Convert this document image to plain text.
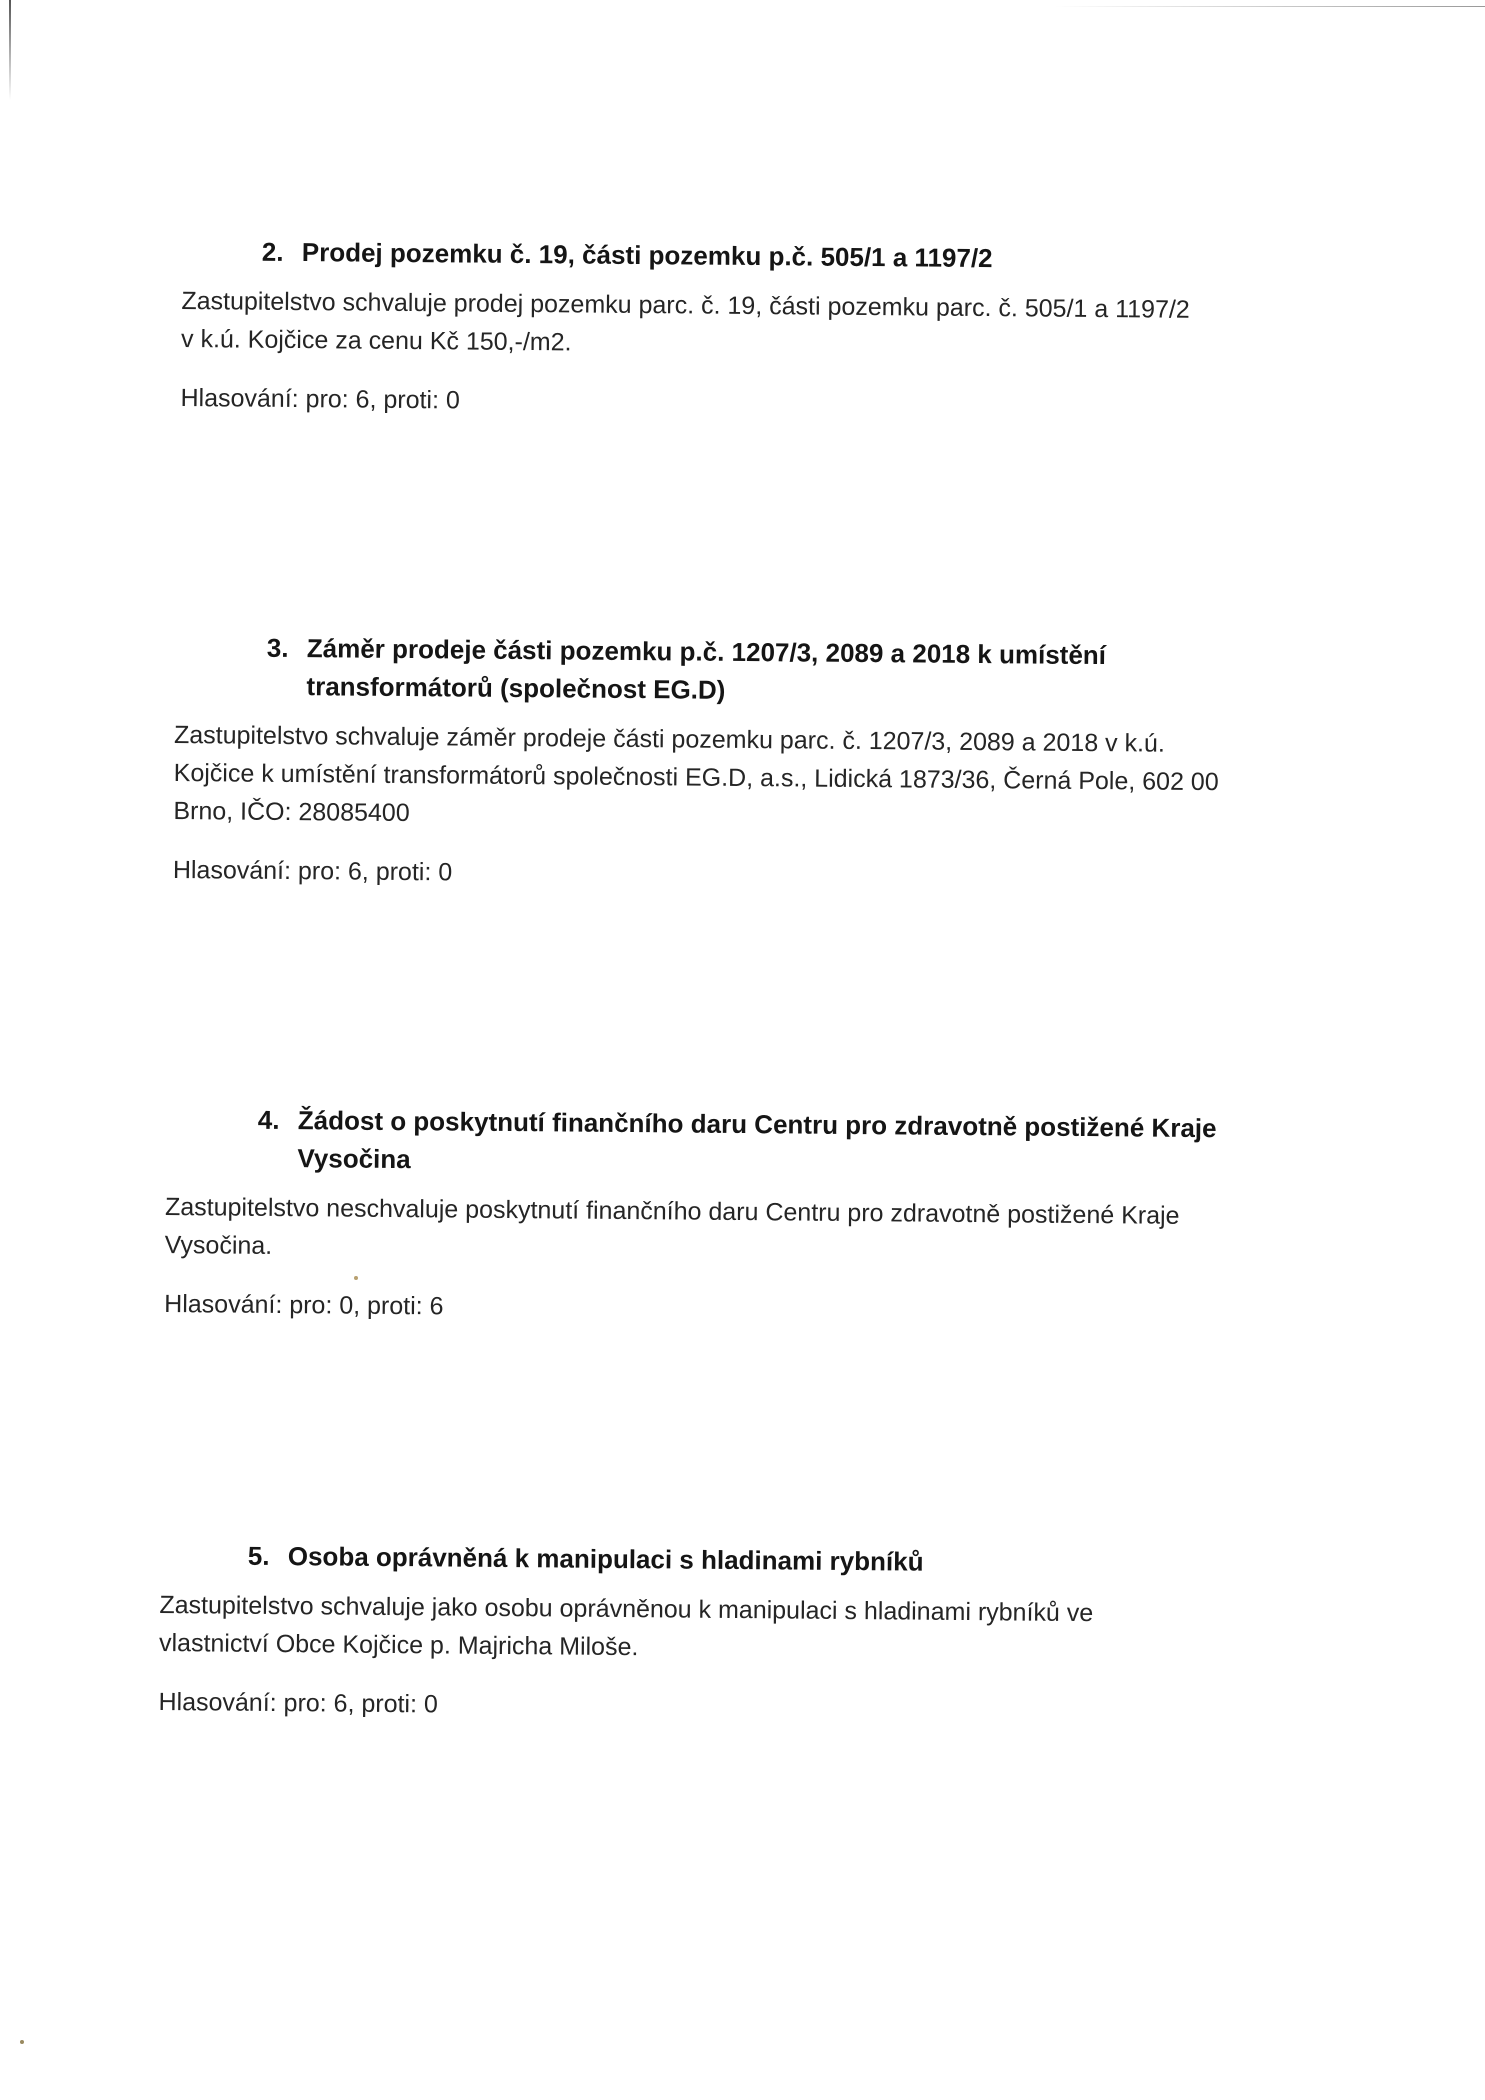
2. Prodej pozemku č. 19, části pozemku p.č. 505/1 a 1197/2
Zastupitelstvo schvaluje prodej pozemku parc. č. 19, části pozemku parc. č. 505/1 a 1197/2
v k.ú. Kojčice za cenu Kč 150,-/m2.
Hlasování: pro: 6, proti: 0
3. Záměr prodeje části pozemku p.č. 1207/3, 2089 a 2018 k umístění transformátorů (společnost EG.D)
Zastupitelstvo schvaluje záměr prodeje části pozemku parc. č. 1207/3, 2089 a 2018 v k.ú.
Kojčice k umístění transformátorů společnosti EG.D, a.s., Lidická 1873/36, Černá Pole, 602 00
Brno, IČO: 28085400
Hlasování: pro: 6, proti: 0
4. Žádost o poskytnutí finančního daru Centru pro zdravotně postižené Kraje Vysočina
Zastupitelstvo neschvaluje poskytnutí finančního daru Centru pro zdravotně postižené Kraje
Vysočina.
Hlasování: pro: 0, proti: 6
5. Osoba oprávněná k manipulaci s hladinami rybníků
Zastupitelstvo schvaluje jako osobu oprávněnou k manipulaci s hladinami rybníků ve
vlastnictví Obce Kojčice p. Majricha Miloše.
Hlasování: pro: 6, proti: 0
